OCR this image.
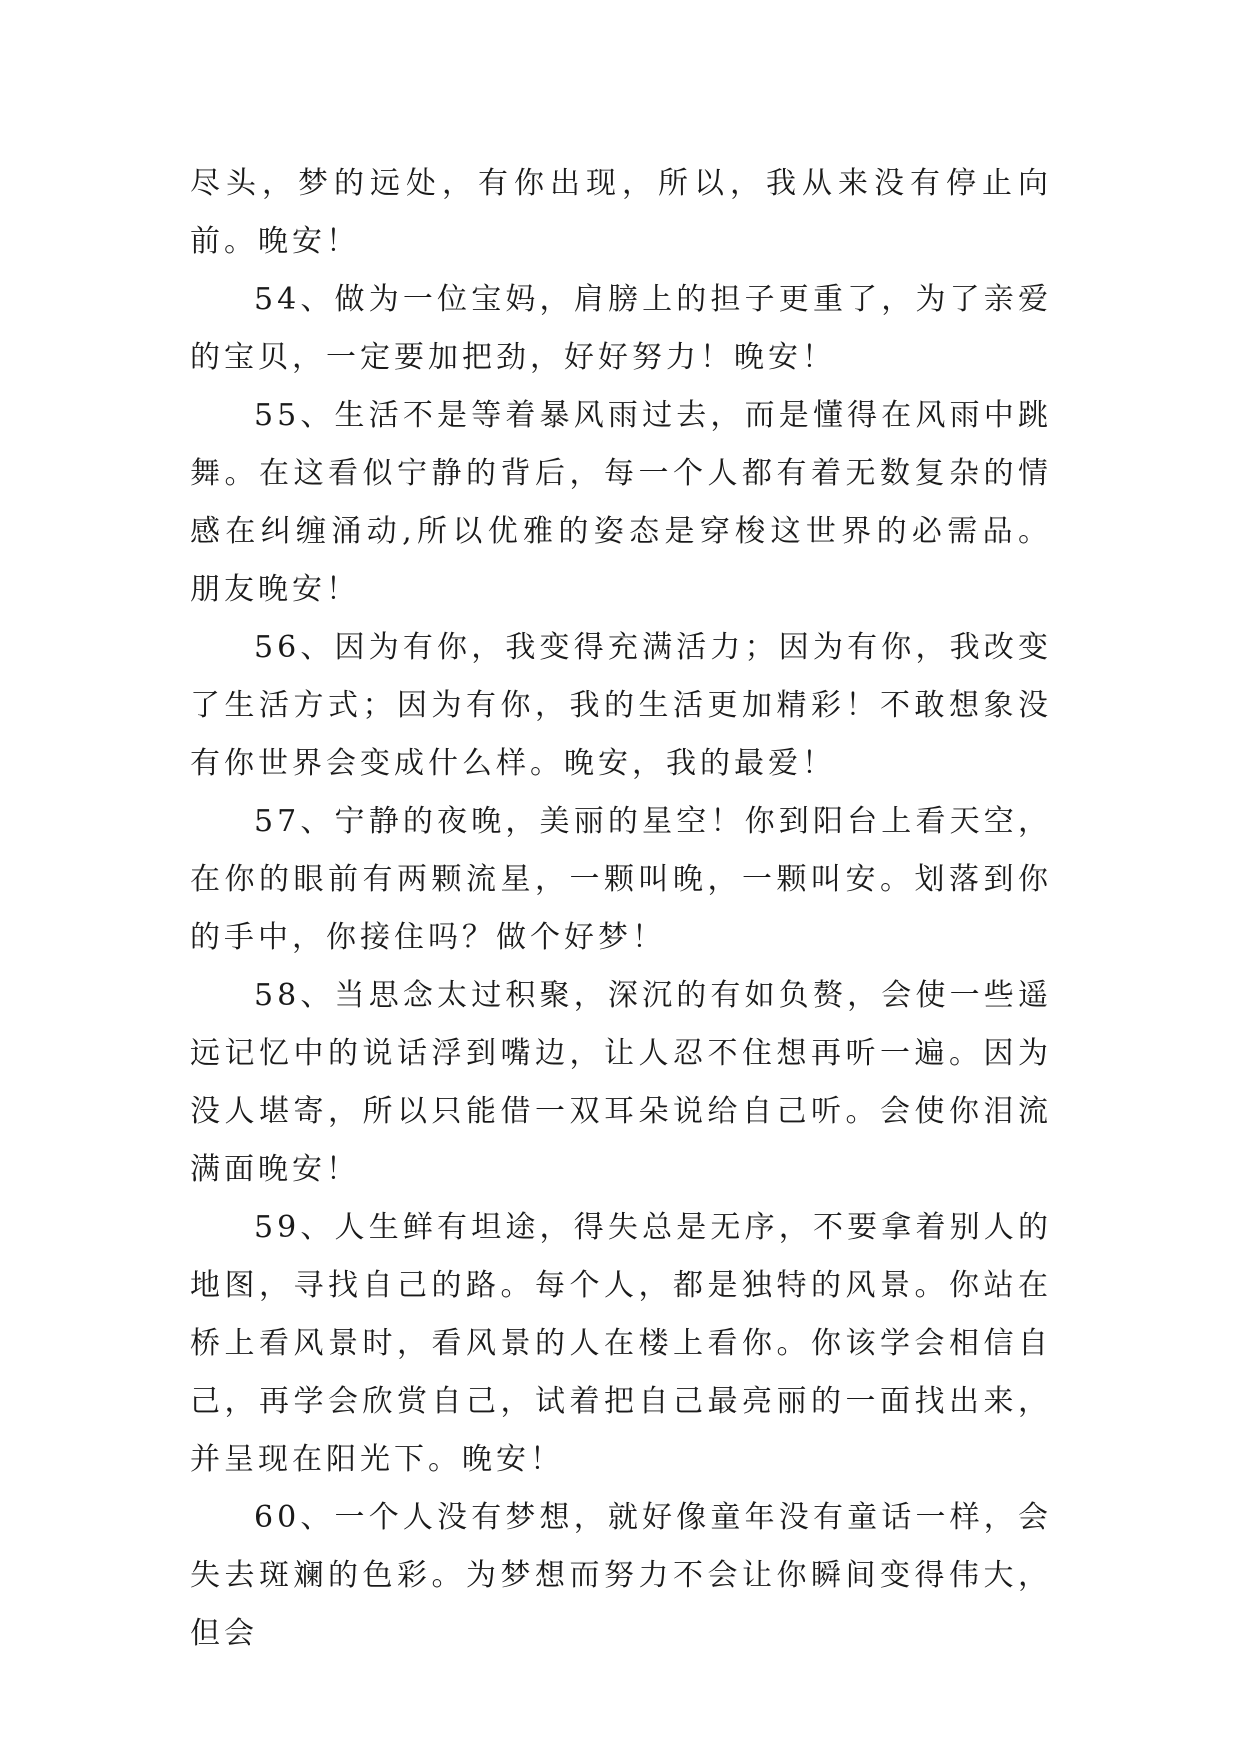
尽头，梦的远处，有你出现，所以，我从来没有停止向前。晚安！

54、做为一位宝妈，肩膀上的担子更重了，为了亲爱的宝贝，一定要加把劲，好好努力！晚安！

55、生活不是等着暴风雨过去，而是懂得在风雨中跳舞。在这看似宁静的背后，每一个人都有着无数复杂的情感在纠缠涌动,所以优雅的姿态是穿梭这世界的必需品。朋友晚安！

56、因为有你，我变得充满活力；因为有你，我改变了生活方式；因为有你，我的生活更加精彩！不敢想象没有你世界会变成什么样。晚安，我的最爱！

57、宁静的夜晚，美丽的星空！你到阳台上看天空，在你的眼前有两颗流星，一颗叫晚，一颗叫安。划落到你的手中，你接住吗？做个好梦！

58、当思念太过积聚，深沉的有如负赘，会使一些遥远记忆中的说话浮到嘴边，让人忍不住想再听一遍。因为没人堪寄，所以只能借一双耳朵说给自己听。会使你泪流满面晚安！

59、人生鲜有坦途，得失总是无序，不要拿着别人的地图，寻找自己的路。每个人，都是独特的风景。你站在桥上看风景时，看风景的人在楼上看你。你该学会相信自己，再学会欣赏自己，试着把自己最亮丽的一面找出来，并呈现在阳光下。晚安！

60、一个人没有梦想，就好像童年没有童话一样，会失去斑斓的色彩。为梦想而努力不会让你瞬间变得伟大，但会
